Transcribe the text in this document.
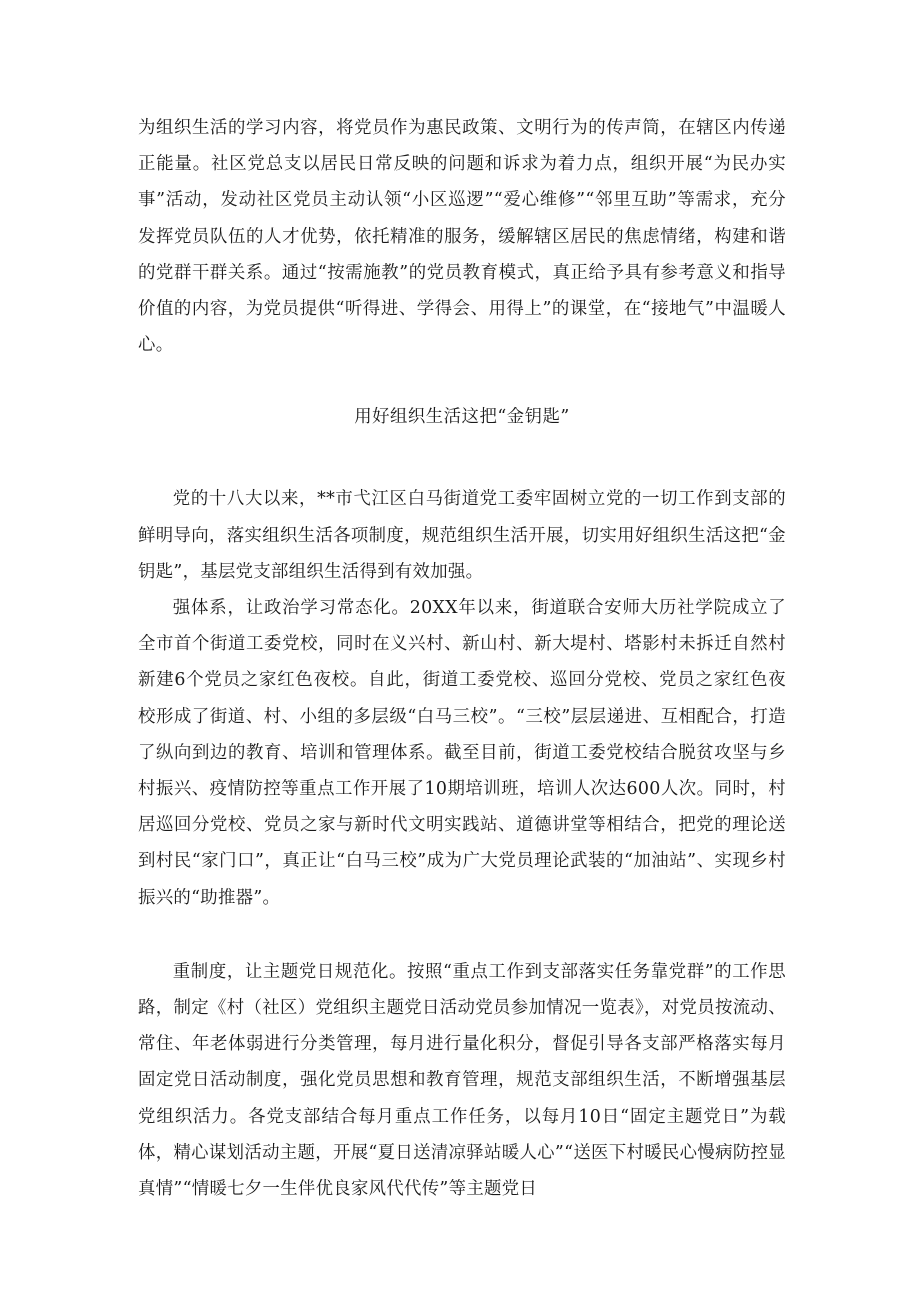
为组织生活的学习内容，将党员作为惠民政策、文明行为的传声筒，在辖区内传递正能量。社区党总支以居民日常反映的问题和诉求为着力点，组织开展“为民办实事”活动，发动社区党员主动认领“小区巡逻”“爱心维修”“邻里互助”等需求，充分发挥党员队伍的人才优势，依托精准的服务，缓解辖区居民的焦虑情绪，构建和谐的党群干群关系。通过“按需施教”的党员教育模式，真正给予具有参考意义和指导价值的内容，为党员提供“听得进、学得会、用得上”的课堂，在“接地气”中温暖人心。

用好组织生活这把“金钥匙”

党的十八大以来，**市弋江区白马街道党工委牢固树立党的一切工作到支部的鲜明导向，落实组织生活各项制度，规范组织生活开展，切实用好组织生活这把“金钥匙”，基层党支部组织生活得到有效加强。

强体系，让政治学习常态化。20XX年以来，街道联合安师大历社学院成立了全市首个街道工委党校，同时在义兴村、新山村、新大堤村、塔影村未拆迁自然村新建6个党员之家红色夜校。自此，街道工委党校、巡回分党校、党员之家红色夜校形成了街道、村、小组的多层级“白马三校”。“三校”层层递进、互相配合，打造了纵向到边的教育、培训和管理体系。截至目前，街道工委党校结合脱贫攻坚与乡村振兴、疫情防控等重点工作开展了10期培训班，培训人次达600人次。同时，村居巡回分党校、党员之家与新时代文明实践站、道德讲堂等相结合，把党的理论送到村民“家门口”，真正让“白马三校”成为广大党员理论武装的“加油站”、实现乡村振兴的“助推器”。

重制度，让主题党日规范化。按照“重点工作到支部落实任务靠党群”的工作思路，制定《村（社区）党组织主题党日活动党员参加情况一览表》，对党员按流动、常住、年老体弱进行分类管理，每月进行量化积分，督促引导各支部严格落实每月固定党日活动制度，强化党员思想和教育管理，规范支部组织生活，不断增强基层党组织活力。各党支部结合每月重点工作任务，以每月10日“固定主题党日”为载体，精心谋划活动主题，开展“夏日送清凉驿站暖人心”“送医下村暖民心慢病防控显真情”“情暖七夕一生伴优良家风代代传”等主题党日
